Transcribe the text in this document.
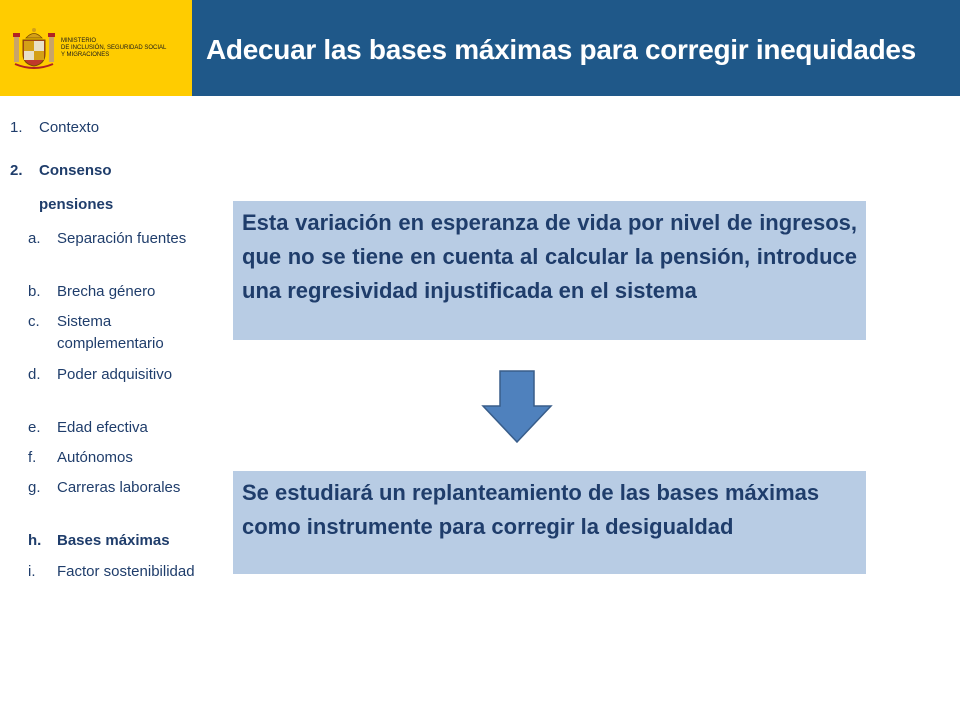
MINISTERIO
DE INCLUSIÓN, SEGURIDAD SOCIAL
Y MIGRACIONES	Adecuar las bases máximas para corregir inequidades
1. Contexto
2. Consenso
pensiones
a. Separación fuentes
b. Brecha género
c. Sistema complementario
d. Poder adquisitivo
e. Edad efectiva
f. Autónomos
g. Carreras laborales
h. Bases máximas
i. Factor sostenibilidad
Esta variación en esperanza de vida por nivel de ingresos, que no se tiene en cuenta al calcular la pensión, introduce una regresividad injustificada en el sistema
Se estudiará un replanteamiento de las bases máximas como instrumente para corregir la desigualdad
